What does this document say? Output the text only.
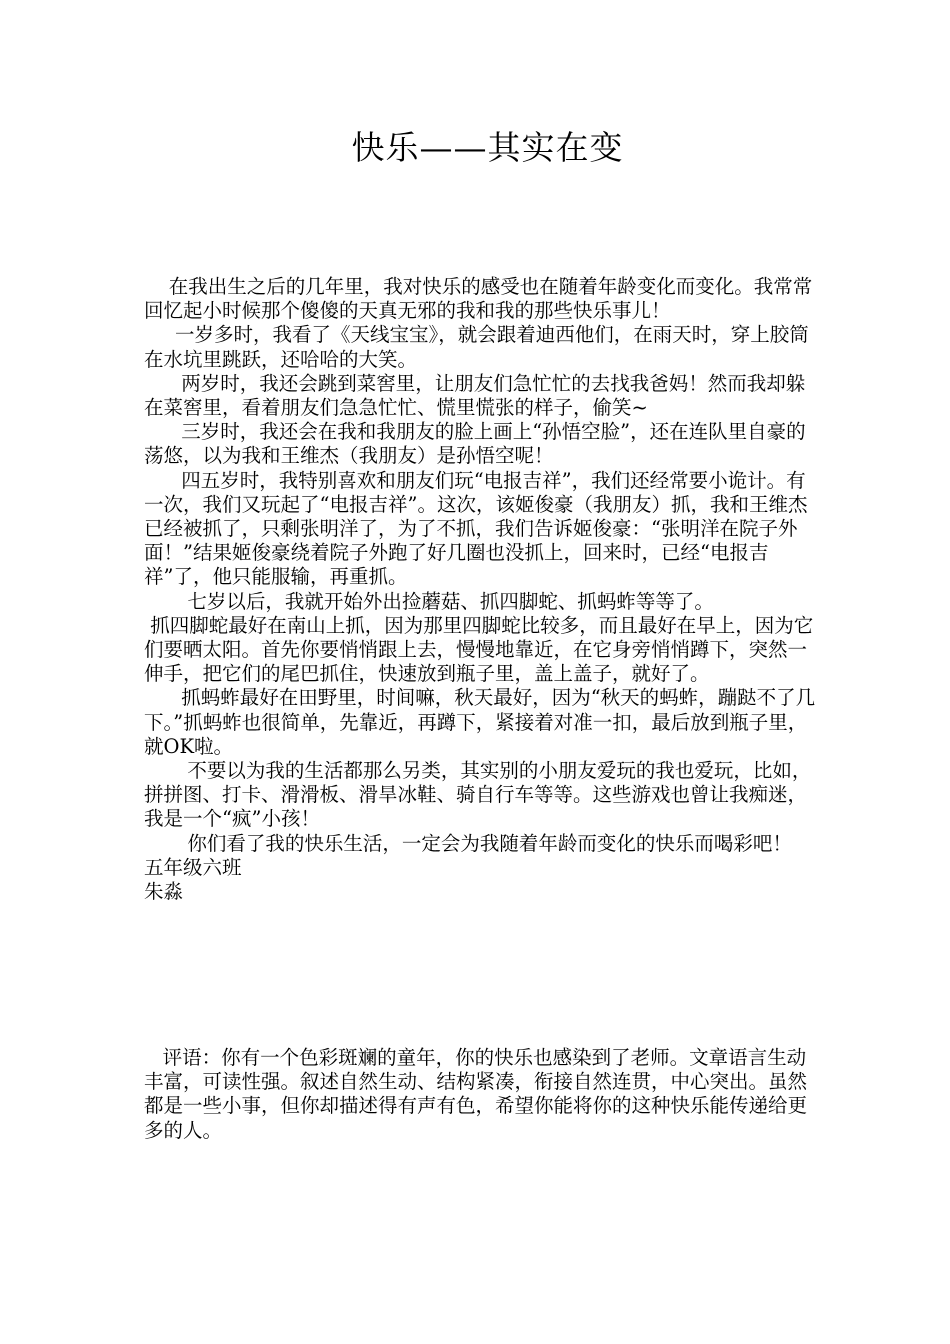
快乐——其实在变

在我出生之后的几年里，我对快乐的感受也在随着年龄变化而变化。我常常回忆起小时候那个傻傻的天真无邪的我和我的那些快乐事儿！

一岁多时，我看了《天线宝宝》，就会跟着迪西他们，在雨天时，穿上胶筒在水坑里跳跃，还哈哈的大笑。

两岁时，我还会跳到菜窖里，让朋友们急忙忙的去找我爸妈！然而我却躲在菜窖里，看着朋友们急急忙忙、慌里慌张的样子，偷笑~

三岁时，我还会在我和我朋友的脸上画上“孙悟空脸”，还在连队里自豪的荡悠，以为我和王维杰（我朋友）是孙悟空呢！

四五岁时，我特别喜欢和朋友们玩“电报吉祥”，我们还经常要小诡计。有一次，我们又玩起了“电报吉祥”。这次，该姬俊豪（我朋友）抓，我和王维杰已经被抓了，只剩张明洋了，为了不抓，我们告诉姬俊豪：“张明洋在院子外面！”结果姬俊豪绕着院子外跑了好几圈也没抓上，回来时，已经“电报吉祥”了，他只能服输，再重抓。

七岁以后，我就开始外出捡蘑菇、抓四脚蛇、抓蚂蚱等等了。

抓四脚蛇最好在南山上抓，因为那里四脚蛇比较多，而且最好在早上，因为它们要晒太阳。首先你要悄悄跟上去，慢慢地靠近，在它身旁悄悄蹲下，突然一伸手，把它们的尾巴抓住，快速放到瓶子里，盖上盖子，就好了。

抓蚂蚱最好在田野里，时间嘛，秋天最好，因为“秋天的蚂蚱，蹦跶不了几下。”抓蚂蚱也很简单，先靠近，再蹲下，紧接着对准一扣，最后放到瓶子里，就OK啦。

不要以为我的生活都那么另类，其实别的小朋友爱玩的我也爱玩，比如，拼拼图、打卡、滑滑板、滑旱冰鞋、骑自行车等等。这些游戏也曾让我痴迷，我是一个“疯”小孩！

你们看了我的快乐生活，一定会为我随着年龄而变化的快乐而喝彩吧！

五年级六班

朱淼

评语：你有一个色彩斑斓的童年，你的快乐也感染到了老师。文章语言生动丰富，可读性强。叙述自然生动、结构紧凑，衔接自然连贯，中心突出。虽然都是一些小事，但你却描述得有声有色，希望你能将你的这种快乐能传递给更多的人。
